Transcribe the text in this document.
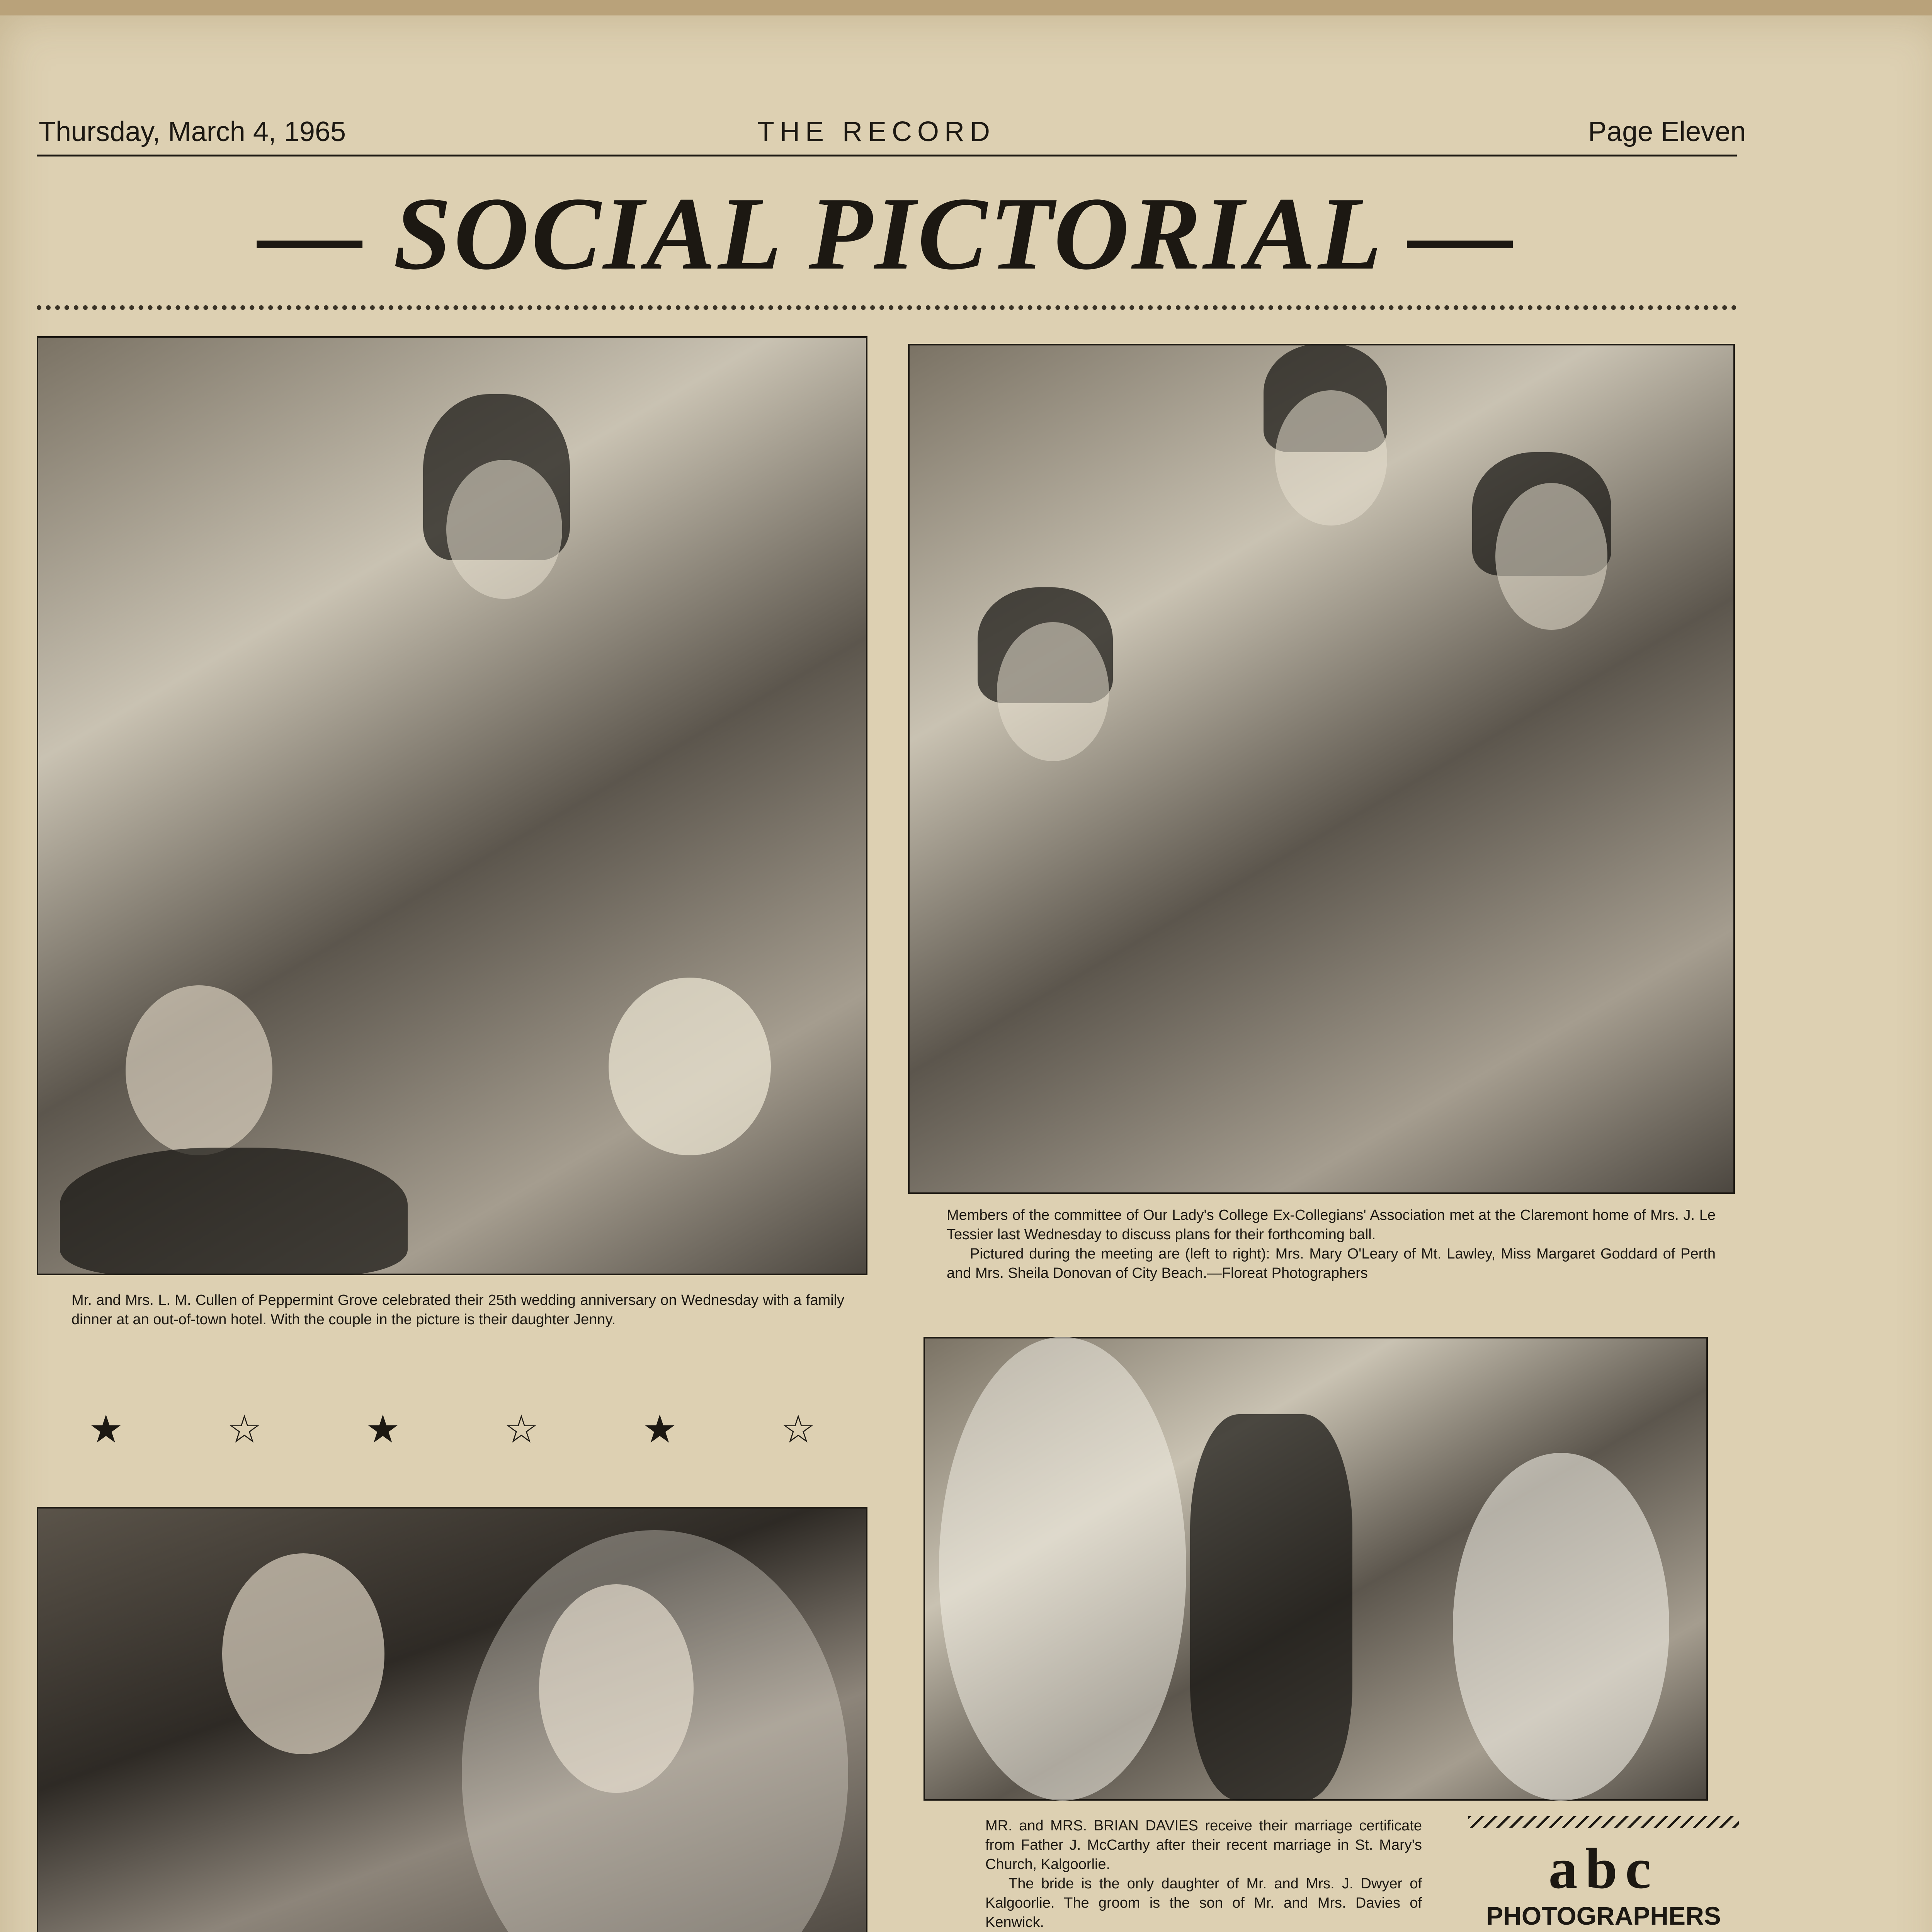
Thursday, March 4, 1965	THE RECORD	Page Eleven
— SOCIAL PICTORIAL —

Mr. and Mrs. L. M. Cullen of Peppermint Grove celebrated their 25th wedding anniversary on Wednesday with a family dinner at an out-of-town hotel. With the couple in the picture is their daughter Jenny.

★	☆	★	☆	★	☆

Members of the committee of Our Lady's College Ex-Collegians' Association met at the Claremont home of Mrs. J. Le Tessier last Wednesday to discuss plans for their forthcoming ball.

Pictured during the meeting are (left to right): Mrs. Mary O'Leary of Mt. Lawley, Miss Margaret Goddard of Perth and Mrs. Sheila Donovan of City Beach.—Floreat Photographers

MR. and MRS. BRIAN DAVIES receive their marriage certificate from Father J. McCarthy after their recent marriage in St. Mary's Church, Kalgoorlie.

The bride is the only daughter of Mr. and Mrs. J. Dwyer of Kalgoorlie. The groom is the son of Mr. and Mrs. Davies of Kenwick.

abc
PHOTOGRAPHERS
